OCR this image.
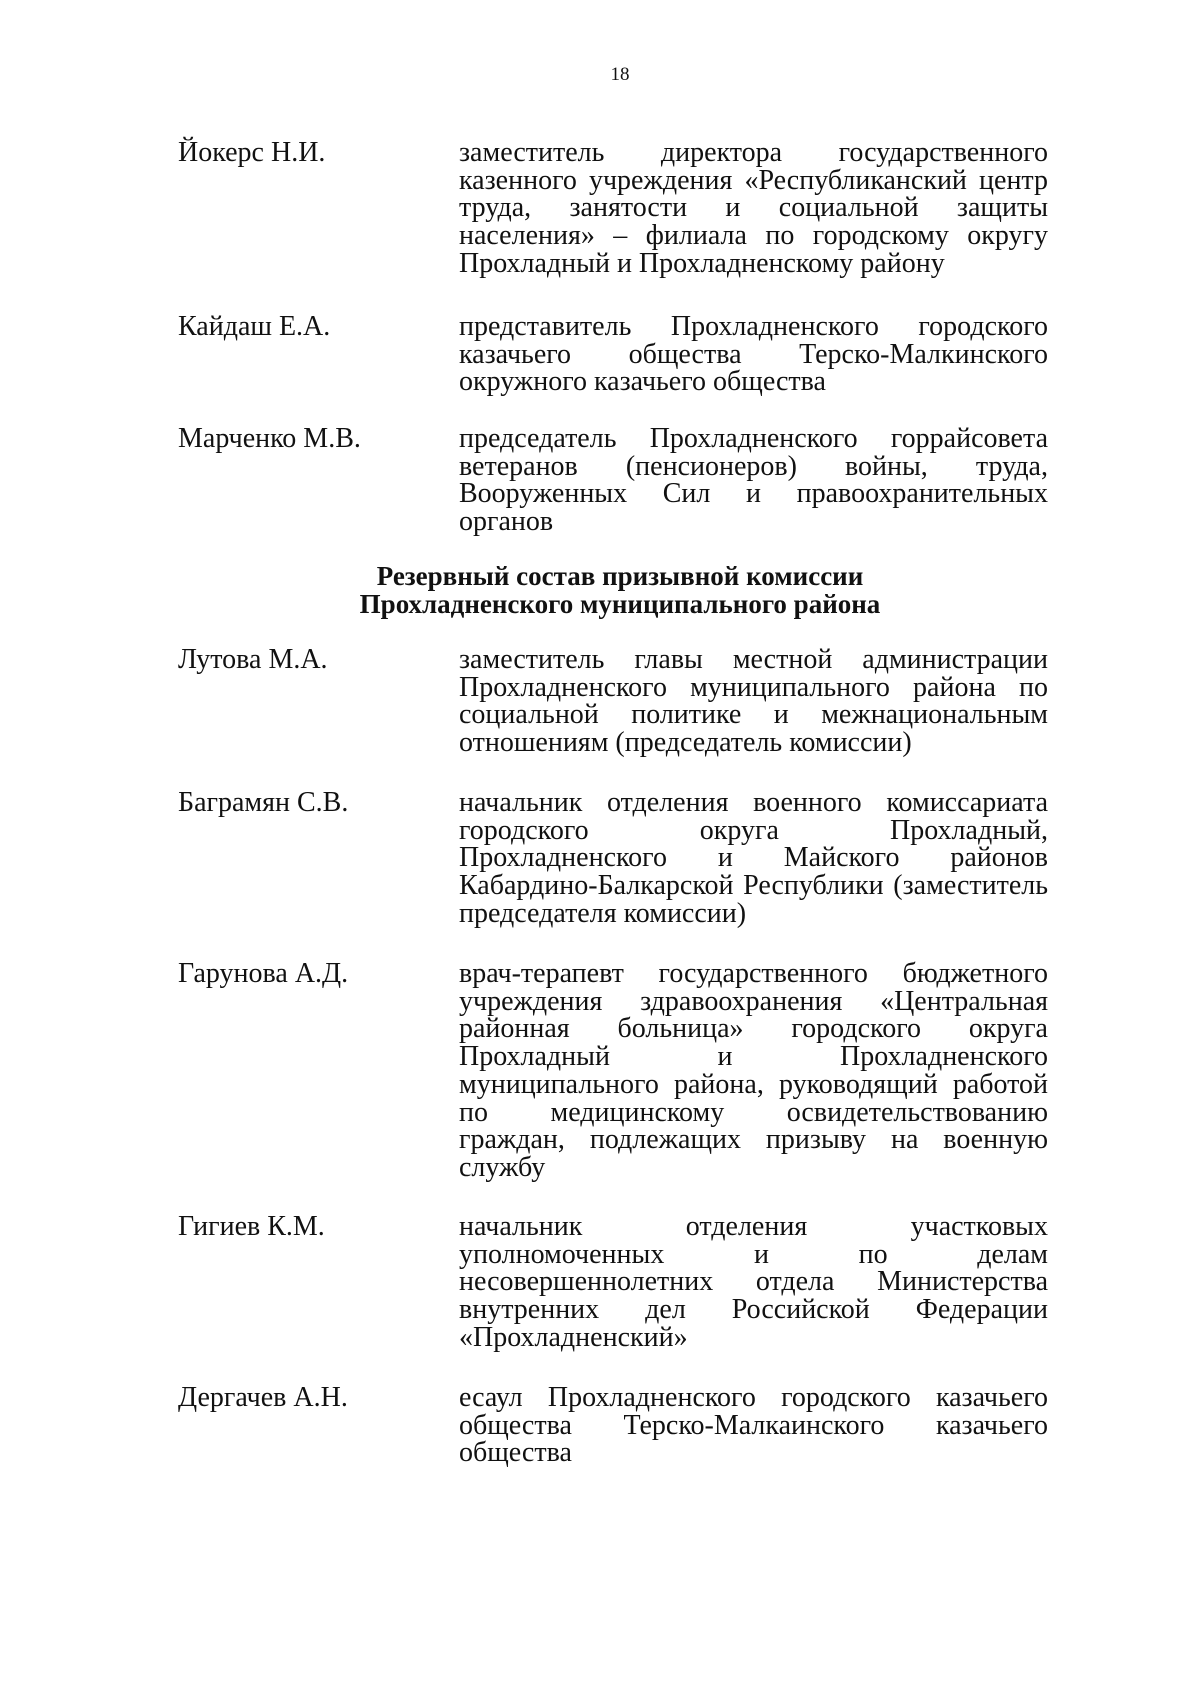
18
Йокерс Н.И.	заместитель директора государственного казенного учреждения «Республиканский центр труда, занятости и социальной защиты населения» – филиала по городскому округу Прохладный и Прохладненскому району
Кайдаш Е.А.	представитель Прохладненского городского казачьего общества Терско-Малкинского окружного казачьего общества
Марченко М.В.	председатель Прохладненского горрайсовета ветеранов (пенсионеров) войны, труда, Вооруженных Сил и правоохранительных органов
Резервный состав призывной комиссии
Прохладненского муниципального района
Лутова М.А.	заместитель главы местной администрации Прохладненского муниципального района по социальной политике и межнациональным отношениям (председатель комиссии)
Баграмян С.В.	начальник отделения военного комиссариата городского округа Прохладный, Прохладненского и Майского районов Кабардино-Балкарской Республики (заместитель председателя комиссии)
Гарунова А.Д.	врач-терапевт государственного бюджетного учреждения здравоохранения «Центральная районная больница» городского округа Прохладный и Прохладненского муниципального района, руководящий работой по медицинскому освидетельствованию граждан, подлежащих призыву на военную службу
Гигиев К.М.	начальник отделения участковых уполномоченных и по делам несовершеннолетних отдела Министерства внутренних дел Российской Федерации «Прохладненский»
Дергачев А.Н.	есаул Прохладненского городского казачьего общества Терско-Малкаинского казачьего общества
